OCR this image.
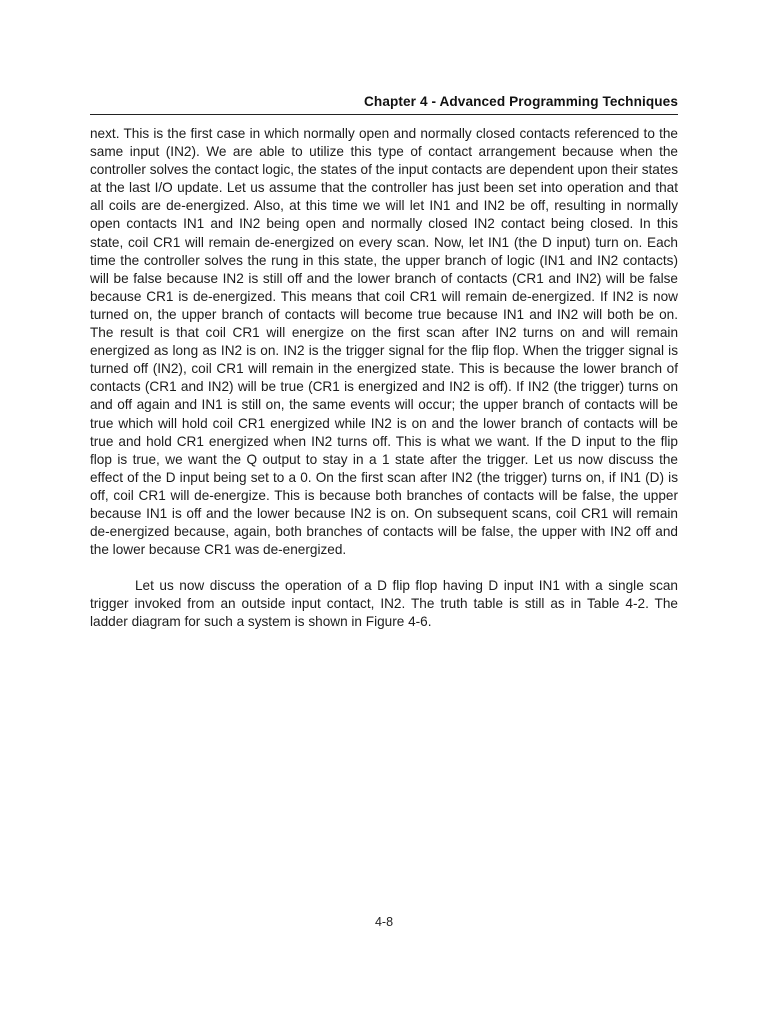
Chapter 4 - Advanced Programming Techniques

next. This is the first case in which normally open and normally closed contacts referenced to the same input (IN2). We are able to utilize this type of contact arrangement because when the controller solves the contact logic, the states of the input contacts are dependent upon their states at the last I/O update. Let us assume that the controller has just been set into operation and that all coils are de-energized. Also, at this time we will let IN1 and IN2 be off, resulting in normally open contacts IN1 and IN2 being open and normally closed IN2 contact being closed. In this state, coil CR1 will remain de-energized on every scan. Now, let IN1 (the D input) turn on. Each time the controller solves the rung in this state, the upper branch of logic (IN1 and IN2 contacts) will be false because IN2 is still off and the lower branch of contacts (CR1 and IN2) will be false because CR1 is de-energized. This means that coil CR1 will remain de-energized. If IN2 is now turned on, the upper branch of contacts will become true because IN1 and IN2 will both be on. The result is that coil CR1 will energize on the first scan after IN2 turns on and will remain energized as long as IN2 is on. IN2 is the trigger signal for the flip flop. When the trigger signal is turned off (IN2), coil CR1 will remain in the energized state. This is because the lower branch of contacts (CR1 and IN2) will be true (CR1 is energized and IN2 is off). If IN2 (the trigger) turns on and off again and IN1 is still on, the same events will occur; the upper branch of contacts will be true which will hold coil CR1 energized while IN2 is on and the lower branch of contacts will be true and hold CR1 energized when IN2 turns off. This is what we want. If the D input to the flip flop is true, we want the Q output to stay in a 1 state after the trigger. Let us now discuss the effect of the D input being set to a 0. On the first scan after IN2 (the trigger) turns on, if IN1 (D) is off, coil CR1 will de-energize. This is because both branches of contacts will be false, the upper because IN1 is off and the lower because IN2 is on. On subsequent scans, coil CR1 will remain de-energized because, again, both branches of contacts will be false, the upper with IN2 off and the lower because CR1 was de-energized.

Let us now discuss the operation of a D flip flop having D input IN1 with a single scan trigger invoked from an outside input contact, IN2. The truth table is still as in Table 4-2. The ladder diagram for such a system is shown in Figure 4-6.

4-8
